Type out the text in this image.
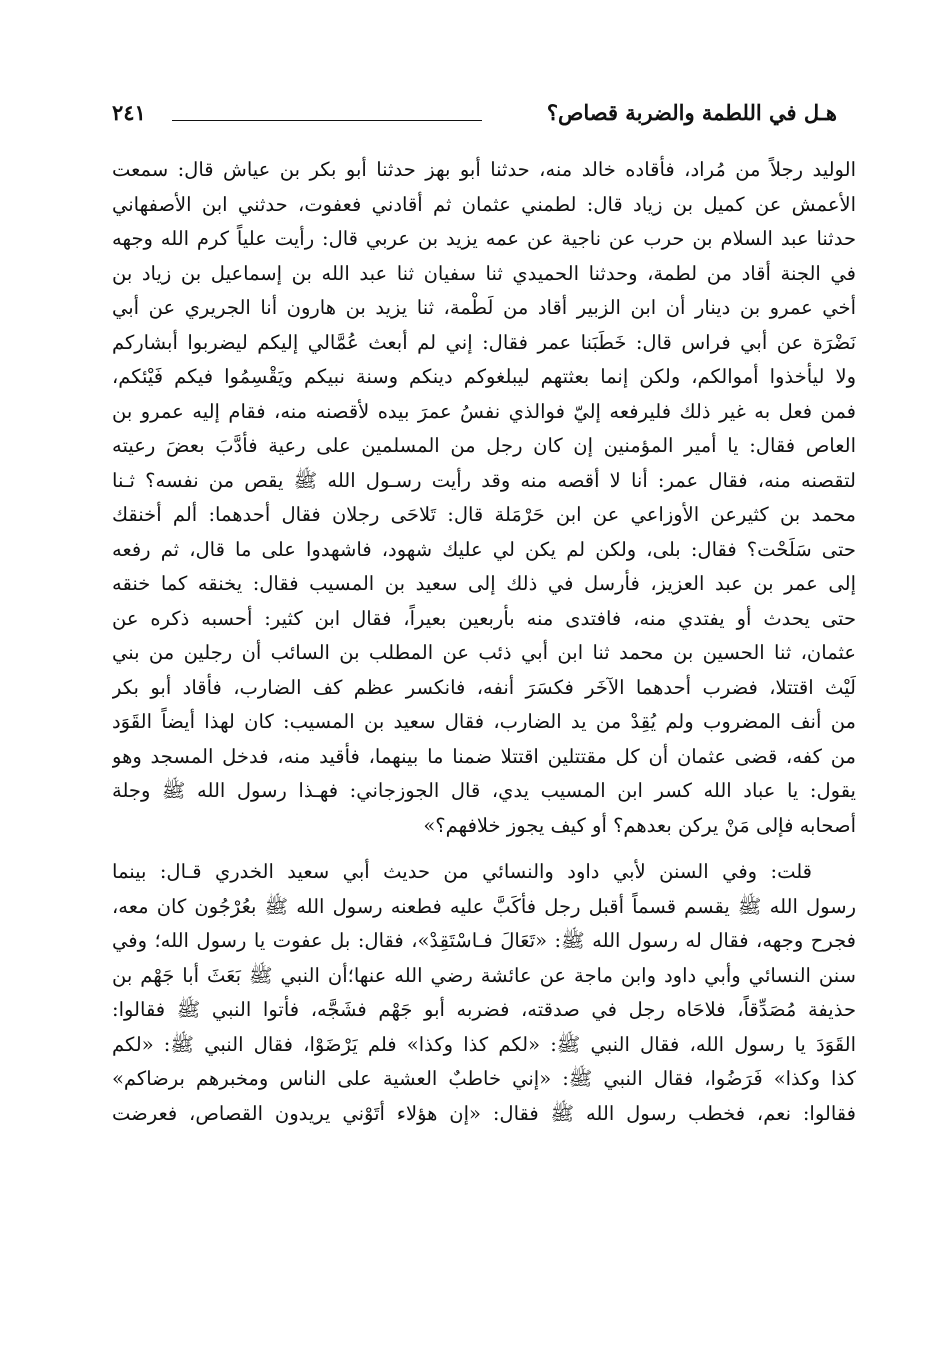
هـل في اللطمة والضربة قصاص؟
٢٤١
الوليد رجلاً من مُراد، فأقاده خالد منه، حدثنا أبو بهز حدثنا أبو بكر بن عياش قال: سمعت
الأعمش عن كميل بن زياد قال: لطمني عثمان ثم أقادني فعفوت، حدثني ابن الأصفهاني
حدثنا عبد السلام بن حرب عن ناجية عن عمه يزيد بن عربي قال: رأيت علياً كرم الله وجهه
في الجنة أقاد من لطمة، وحدثنا الحميدي ثنا سفيان ثنا عبد الله بن إسماعيل بن زياد بن
أخي عمرو بن دينار أن ابن الزبير أقاد من لَطْمة، ثنا يزيد بن هارون أنا الجريري عن أبي
نَضْرَة عن أبي فراس قال: خَطَبَنا عمر فقال: إني لم أبعث عُمَّالي إليكم ليضربوا أبشاركم
ولا ليأخذوا أموالكم، ولكن إنما بعثتهم ليبلغوكم دينكم وسنة نبيكم ويَقْسِمُوا فيكم فَيْئكم،
فمن فعل به غير ذلك فليرفعه إليّ فوالذي نفسُ عمرَ بيده لأقصنه منه، فقام إليه عمرو بن
العاص فقال: يا أمير المؤمنين إن كان رجل من المسلمين على رعية فأدَّبَ بعضَ رعيته
لتقصنه منه، فقال عمر: أنا لا أقصه منه وقد رأيت رسـول الله ﷺ يقص من نفسه؟ ثـنا
محمد بن كثيرعن الأوزاعي عن ابن حَرْمَلة قال: تَلاحَى رجلان فقال أحدهما: ألم أخنقك
حتى سَلَحْت؟ فقال: بلى، ولكن لم يكن لي عليك شهود، فاشهدوا على ما قال، ثم رفعه
إلى عمر بن عبد العزيز، فأرسل في ذلك إلى سعيد بن المسيب فقال: يخنقه كما خنقه
حتى يحدث أو يفتدي منه، فافتدى منه بأربعين بعيراً، فقال ابن كثير: أحسبه ذكره عن
عثمان، ثنا الحسين بن محمد ثنا ابن أبي ذئب عن المطلب بن السائب أن رجلين من بني
لَيْث اقتتلا، فضرب أحدهما الآخَر فكسَرَ أنفه، فانكسر عظم كف الضارب، فأقاد أبو بكر
من أنف المضروب ولم يُقِدْ من يد الضارب، فقال سعيد بن المسيب: كان لهذا أيضاً القَوَد
من كفه، قضى عثمان أن كل مقتتلين اقتتلا ضمنا ما بينهما، فأقيد منه، فدخل المسجد وهو
يقول: يا عباد الله كسر ابن المسيب يدي، قال الجوزجاني: فهـذا رسول الله ﷺ وجلة
أصحابه فإلى مَنْ يركن بعدهم؟ أو كيف يجوز خلافهم؟»
قلت: وفي السنن لأبي داود والنسائي من حديث أبي سعيد الخدري قـال: بينما
رسول الله ﷺ يقسم قسماً أقبل رجل فأكَبَّ عليه فطعنه رسول الله ﷺ بعُرْجُون كان معه،
فجرح وجهه، فقال له رسول الله ﷺ: «تَعَالَ فـاسْتَقِدْ»، فقال: بل عفوت يا رسول الله؛ وفي
سنن النسائي وأبي داود وابن ماجة عن عائشة رضي الله عنها؛أن النبي ﷺ بَعَثَ أبا جَهْم بن
حذيفة مُصَدِّقاً، فلاحَاه رجل في صدقته، فضربه أبو جَهْم فشَجَّه، فأتوا النبي ﷺ فقالوا:
القَوَدَ يا رسول الله، فقال النبي ﷺ: «لكم كذا وكذا» فلم يَرْضَوْا، فقال النبي ﷺ: «لكم
كذا وكذا» فَرَضُوا، فقال النبي ﷺ: «إني خاطبٌ العشية على الناس ومخبرهم برضاكم»
فقالوا: نعم، فخطب رسول الله ﷺ فقال: «إن هؤلاء أتَوْني يريدون القصاص، فعرضت
